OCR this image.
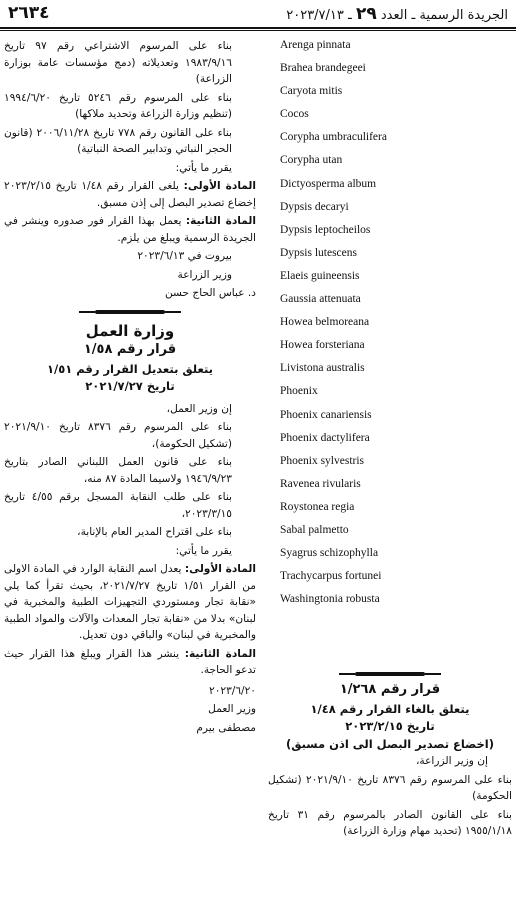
٢٦٣٤	الجريدة الرسمية ـ العدد ٢٩ ـ ٢٠٢٣/٧/١٣
Arenga pinnata
Brahea brandegeei
Caryota mitis
Cocos
Corypha umbraculifera
Corypha utan
Dictyosperma album
Dypsis decaryi
Dypsis leptocheilos
Dypsis lutescens
Elaeis guineensis
Gaussia attenuata
Howea belmoreana
Howea forsteriana
Livistona australis
Phoenix
Phoenix canariensis
Phoenix dactylifera
Phoenix sylvestris
Ravenea rivularis
Roystonea regia
Sabal palmetto
Syagrus schizophylla
Trachycarpus fortunei
Washingtonia robusta

قرار رقم ١/٢٦٨

يتعلق بالغاء القرار رقم ١/٤٨

تاريخ ٢٠٢٣/٢/١٥

(اخضاع تصدير البصل الى اذن مسبق)

إن وزير الزراعة،

بناء على المرسوم رقم ٨٣٧٦ تاريخ ٢٠٢١/٩/١٠ (تشكيل الحكومة)

بناء على القانون الصادر بالمرسوم رقم ٣١ تاريخ ١٩٥٥/١/١٨ (تحديد مهام وزارة الزراعة)

بناء على المرسوم الاشتراعي رقم ٩٧ تاريخ ١٩٨٣/٩/١٦ وتعديلاته (دمج مؤسسات عامة بوزارة الزراعة)

بناء على المرسوم رقم ٥٢٤٦ تاريخ ١٩٩٤/٦/٢٠ (تنظيم وزارة الزراعة وتحديد ملاكها)

بناء على القانون رقم ٧٧٨ تاريخ ٢٠٠٦/١١/٢٨ (قانون الحجر النباتي وتدابير الصحة النباتية)

يقرر ما يأتي:

المادة الأولى: يلغى القرار رقم ١/٤٨ تاريخ ٢٠٢٣/٢/١٥ إخضاع تصدير البصل إلى إذن مسبق.

المادة الثانية: يعمل بهذا القرار فور صدوره وينشر في الجريدة الرسمية ويبلغ من يلزم.

بيروت في ٢٠٢٣/٦/١٣

وزير الزراعة

د. عباس الحاج حسن

وزارة العمل

قرار رقم ١/٥٨

يتعلق بتعديل القرار رقم ١/٥١

تاريخ ٢٠٢١/٧/٢٧

إن وزير العمل،

بناء على المرسوم رقم ٨٣٧٦ تاريخ ٢٠٢١/٩/١٠ (تشكيل الحكومة)،

بناء على قانون العمل اللبناني الصادر بتاريخ ١٩٤٦/٩/٢٣ ولاسيما المادة ٨٧ منه،

بناء على طلب النقابة المسجل برقم ٤/٥٥ تاريخ ٢٠٢٣/٣/١٥،

بناء على اقتراح المدير العام بالإنابة،

يقرر ما يأتي:

المادة الأولى: يعدل اسم النقابة الوارد في المادة الاولى من القرار ١/٥١ تاريخ ٢٠٢١/٧/٢٧، بحيث تقرأ كما يلي «نقابة تجار ومستوردي التجهيزات الطبية والمخبرية في لبنان» بدلا من «نقابة تجار المعدات والآلات والمواد الطبية والمخبرية في لبنان» والباقي دون تعديل.

المادة الثانية: ينشر هذا القرار ويبلغ هذا القرار حيث تدعو الحاجة.

٢٠٢٣/٦/٢٠

وزير العمل

مصطفى بيرم
